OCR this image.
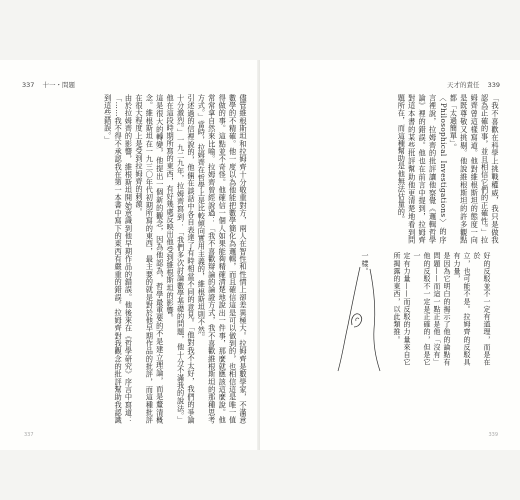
337 十一・問題
儘管維根斯坦和拉姆齊十分敬重對方，兩人在智性和性情上卻差異極大。拉姆齊是數學家，不滿意數學的不精確。他一度以為他能把數學簡化為邏輯，而且確信這是可以做到的，也相信這是唯一值得做的事。這點並不奇怪。他確信一個人如果能夠精確清楚地說出一件事，那麼就應該這麼說。他常常拿自然來比喻。拉姆齊曾經說過：「我不喜歡辯論的論證方式，我不喜歡維根斯坦的那種思考方式。」當時，拉姆齊在哲學上是比較傾向實用主義的，維根斯坦則不然。
引述過的信裡說的，他倆在談話中各自表達了有時相當不同的意見。「他對我不太好，我們的爭論十分激烈。」一九二九年，拉姆齊寫到：「我們多次討論數學基礎的問題，他十分不滿我的說法。」他在這段時期所寫的東西，有好幾處反映出他受到維根斯坦的影響。
這是很大的轉變，他提出一個新的觀念，因為他認為，哲學最重要的不是建立理論，而是釐清概念。維根斯坦在一九三〇年代初期所寫的東西，最主要的就是對於他早期作品的批評，而這種批評在很大程度上是受到拉姆齊的刺激。
由於拉姆齊的影響，維根斯坦開始意識到他早期作品的錯誤。他後來在《哲學研究》序言中寫道：「……我不得不承認我在第一本書中寫下的東西有嚴重的錯誤。拉姆齊對我觀念的批評幫助我認識到這些錯誤。」
337
天才的責任 339
「我不喜歡在科學上挑戰權威，我只是做我認為正確的事，並且相信它們的正確性。」拉姆齊曾這樣寫道。他對維根斯坦的態度一向是既尊敬又挑剔。他說維根斯坦的許多觀點都「太過簡單」。
〈Philosophical Investigations〉的序言裡說，拉姆齊的批評讓他察覺《邏輯哲學論》裡的錯誤。他也在前言中提到，拉姆齊對這本書的某些批評幫助他更清楚地看到問題所在，而這種幫助是他無法估量的。
好的反駁並不一定有道理，而是在於
立，也可能不是。拉姆齊的反駁具有力量，
是因為它明白的揭示了他的論點有
問題——而這一點正是他「沒有」
他的反駁不一定是正確的，但是它一
定有力量——而反駁的力量來自它
所揭露的東西，以此類推。
一樣。
339
